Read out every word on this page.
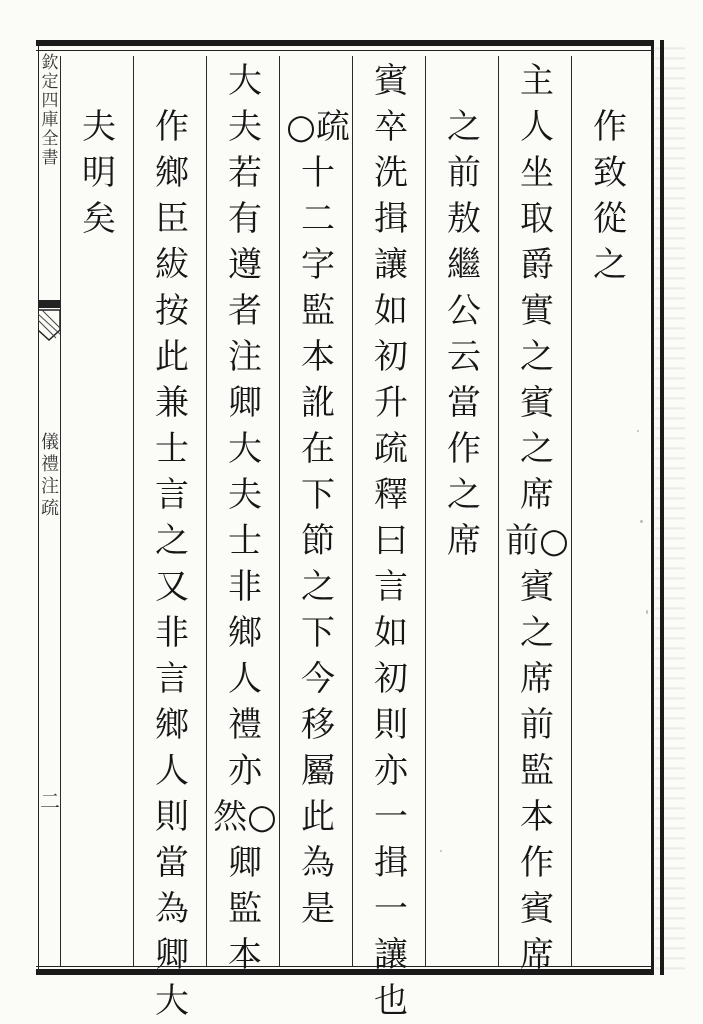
欽定四庫全書
儀禮注疏
二
作致從之
主人坐取爵實之賓之席前○賓之席前監本作賓席
之前敖繼公云當作之席
賓卒洗揖讓如初升疏釋曰言如初則亦一揖一讓也
○疏十二字監本訛在下節之下今移屬此為是
大夫若有遵者注卿大夫士非鄉人禮亦然○卿監本
作鄉臣紱按此兼士言之又非言鄉人則當為卿大
夫明矣
